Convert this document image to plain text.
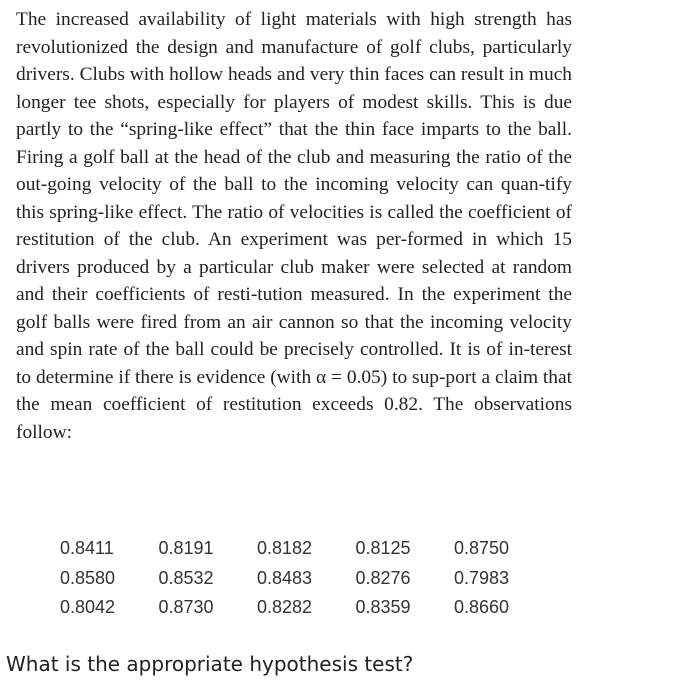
The increased availability of light materials with high strength has revolutionized the design and manufacture of golf clubs, particularly drivers. Clubs with hollow heads and very thin faces can result in much longer tee shots, especially for players of modest skills. This is due partly to the “spring-like effect” that the thin face imparts to the ball. Firing a golf ball at the head of the club and measuring the ratio of the out-going velocity of the ball to the incoming velocity can quan-tify this spring-like effect. The ratio of velocities is called the coefficient of restitution of the club. An experiment was per-formed in which 15 drivers produced by a particular club maker were selected at random and their coefficients of resti-tution measured. In the experiment the golf balls were fired from an air cannon so that the incoming velocity and spin rate of the ball could be precisely controlled. It is of in-terest to determine if there is evidence (with α = 0.05) to sup-port a claim that the mean coefficient of restitution exceeds 0.82. The observations follow:

0.8411	0.8191	0.8182	0.8125	0.8750
0.8580	0.8532	0.8483	0.8276	0.7983
0.8042	0.8730	0.8282	0.8359	0.8660

What is the appropriate hypothesis test?
